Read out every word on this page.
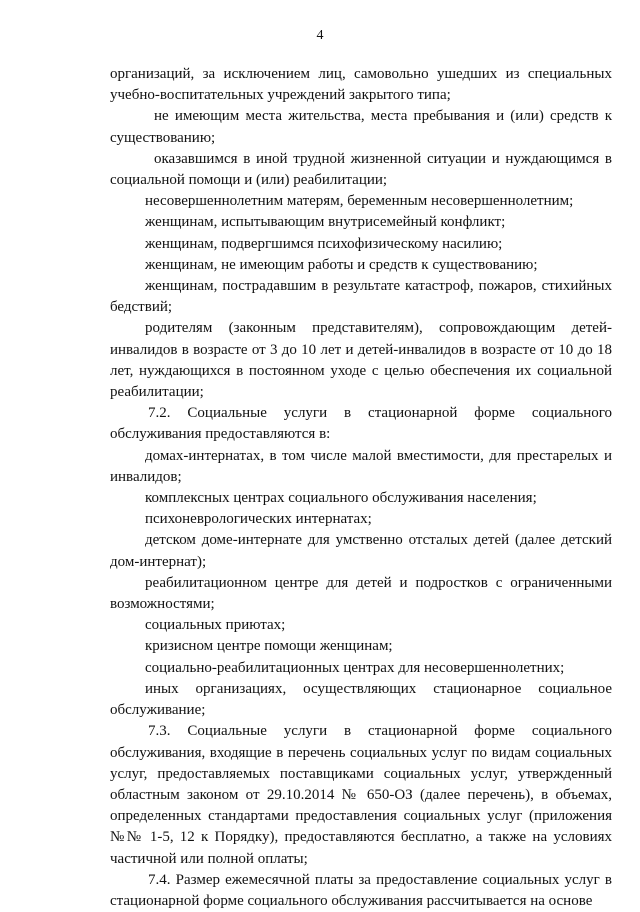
4

организаций, за исключением лиц, самовольно ушедших из специальных учебно-воспитательных учреждений закрытого типа;

не имеющим места жительства, места пребывания и (или) средств к существованию;

оказавшимся в иной трудной жизненной ситуации и нуждающимся в социальной помощи и (или) реабилитации;

несовершеннолетним матерям, беременным несовершеннолетним;

женщинам, испытывающим внутрисемейный конфликт;

женщинам, подвергшимся психофизическому насилию;

женщинам, не имеющим работы и средств к существованию;

женщинам, пострадавшим в результате катастроф, пожаров, стихийных бедствий;

родителям (законным представителям), сопровождающим детей-инвалидов в возрасте от 3 до 10 лет и детей-инвалидов в возрасте от 10 до 18 лет, нуждающихся в постоянном уходе с целью обеспечения их социальной реабилитации;

7.2. Социальные услуги в стационарной форме социального обслуживания предоставляются в:

домах-интернатах, в том числе малой вместимости, для престарелых и инвалидов;

комплексных центрах социального обслуживания населения;

психоневрологических интернатах;

детском доме-интернате для умственно отсталых детей (далее детский дом-интернат);

реабилитационном центре для детей и подростков с ограниченными возможностями;

социальных приютах;

кризисном центре помощи женщинам;

социально-реабилитационных центрах для несовершеннолетних;

иных организациях, осуществляющих стационарное социальное обслуживание;

7.3. Социальные услуги в стационарной форме социального обслуживания, входящие в перечень социальных услуг по видам социальных услуг, предоставляемых поставщиками социальных услуг, утвержденный областным законом от 29.10.2014 № 650-ОЗ (далее перечень), в объемах, определенных стандартами предоставления социальных услуг (приложения №№ 1-5, 12 к Порядку), предоставляются бесплатно, а также на условиях частичной или полной оплаты;

7.4. Размер ежемесячной платы за предоставление социальных услуг в стационарной форме социального обслуживания рассчитывается на основе
